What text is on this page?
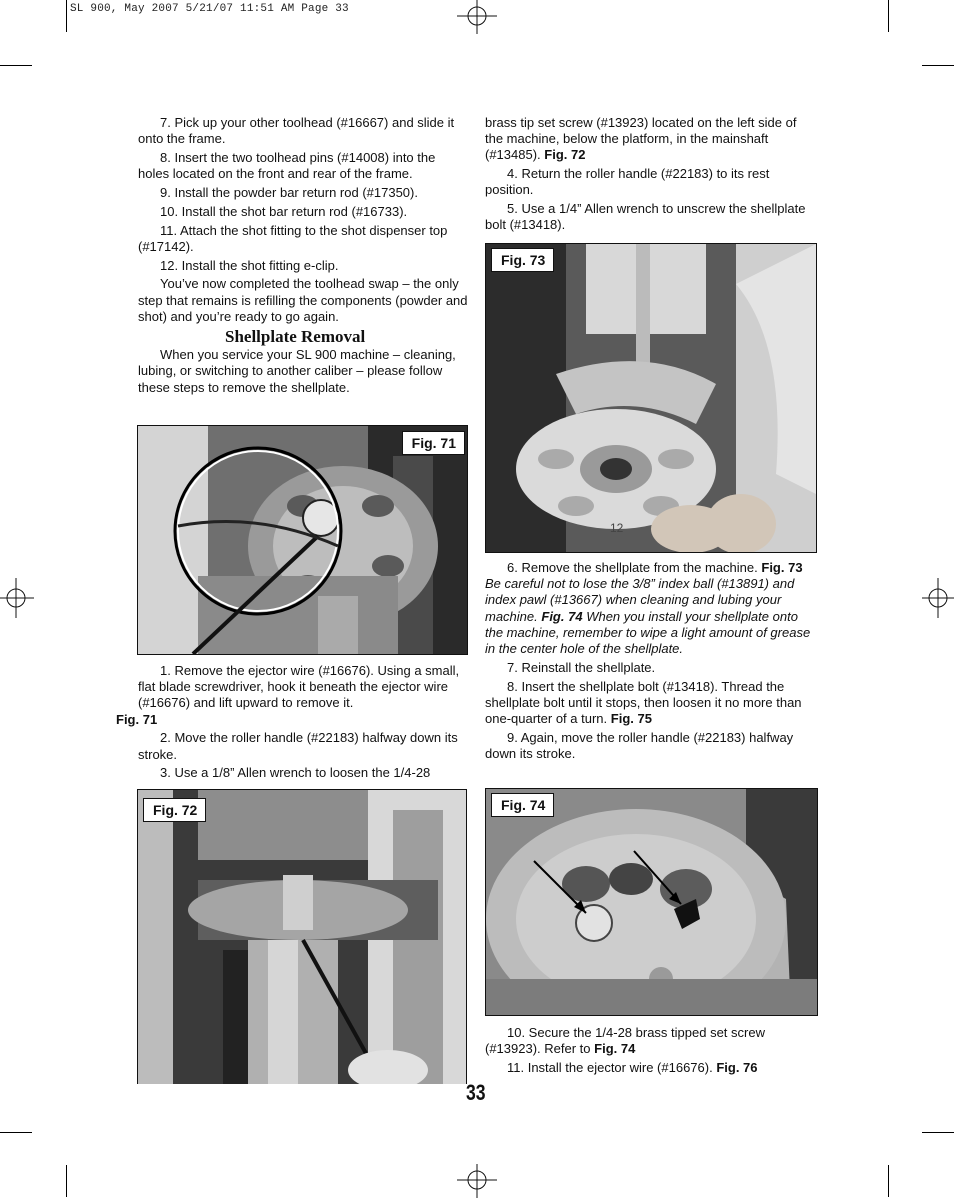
SL 900, May 2007 5/21/07 11:51 AM Page 33

7. Pick up your other toolhead (#16667) and slide it onto the frame.

8. Insert the two toolhead pins (#14008) into the holes located on the front and rear of the frame.

9. Install the powder bar return rod (#17350).

10. Install the shot bar return rod (#16733).

11. Attach the shot fitting to the shot dispenser top (#17142).

12. Install the shot fitting e-clip.

You’ve now completed the toolhead swap – the only step that remains is refilling the components (powder and shot) and you’re ready to go again.

Shellplate Removal

When you service your SL 900 machine – cleaning, lubing, or switching to another caliber – please follow these steps to remove the shellplate.

Fig. 71

1. Remove the ejector wire (#16676). Using a small, flat blade screwdriver, hook it beneath the ejector wire (#16676) and lift upward to remove it.
Fig. 71

2. Move the roller handle (#22183) halfway down its stroke.

3. Use a 1/8” Allen wrench to loosen the 1/4-28

Fig. 72

brass tip set screw (#13923) located on the left side of the machine, below the platform, in the mainshaft (#13485). Fig. 72

4. Return the roller handle (#22183) to its rest position.

5. Use a 1/4” Allen wrench to unscrew the shellplate bolt (#13418).

12
Fig. 73

6. Remove the shellplate from the machine. Fig. 73 Be careful not to lose the 3/8” index ball (#13891) and index pawl (#13667) when cleaning and lubing your machine. Fig. 74 When you install your shellplate onto the machine, remember to wipe a light amount of grease in the center hole of the shellplate.

7. Reinstall the shellplate.

8. Insert the shellplate bolt (#13418). Thread the shellplate bolt until it stops, then loosen it no more than one-quarter of a turn. Fig. 75

9. Again, move the roller handle (#22183) halfway down its stroke.

Fig. 74

10. Secure the 1/4-28 brass tipped set screw (#13923). Refer to Fig. 74

11. Install the ejector wire (#16676). Fig. 76

33
